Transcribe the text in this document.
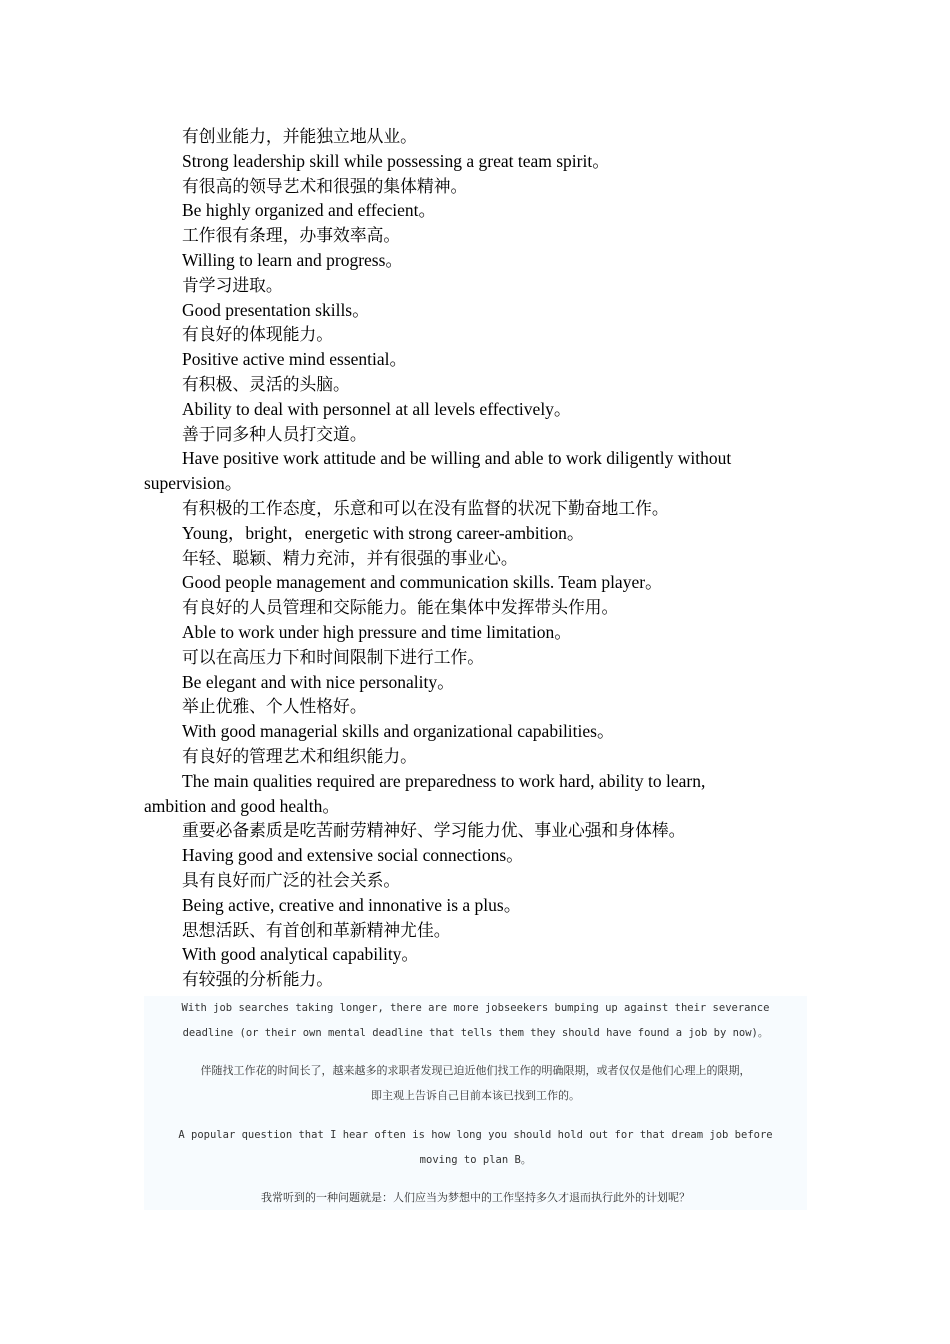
有创业能力，并能独立地从业。
Strong leadership skill while possessing a great team spirit。
有很高的领导艺术和很强的集体精神。
Be highly organized and effecient。
工作很有条理，办事效率高。
Willing to learn and progress。
肯学习进取。
Good presentation skills。
有良好的体现能力。
Positive active mind essential。
有积极、灵活的头脑。
Ability to deal with personnel at all levels effectively。
善于同多种人员打交道。
Have positive work attitude and be willing and able to work diligently without
supervision。
有积极的工作态度，乐意和可以在没有监督的状况下勤奋地工作。
Young，bright，energetic with strong career-ambition。
年轻、聪颖、精力充沛，并有很强的事业心。
Good people management and communication skills. Team player。
有良好的人员管理和交际能力。能在集体中发挥带头作用。
Able to work under high pressure and time limitation。
可以在高压力下和时间限制下进行工作。
Be elegant and with nice personality。
举止优雅、个人性格好。
With good managerial skills and organizational capabilities。
有良好的管理艺术和组织能力。
The main qualities required are preparedness to work hard, ability to learn,
ambition and good health。
重要必备素质是吃苦耐劳精神好、学习能力优、事业心强和身体棒。
Having good and extensive social connections。
具有良好而广泛的社会关系。
Being active, creative and innonative is a plus。
思想活跃、有首创和革新精神尤佳。
With good analytical capability。
有较强的分析能力。
With job searches taking longer, there are more jobseekers bumping up against their severance
deadline (or their own mental deadline that tells them they should have found a job by now)。
伴随找工作花的时间长了，越来越多的求职者发现已迫近他们找工作的明确限期，或者仅仅是他们心理上的限期，
即主观上告诉自己目前本该已找到工作的。
A popular question that I hear often is how long you should hold out for that dream job before
moving to plan B。
我常听到的一种问题就是：人们应当为梦想中的工作坚持多久才退而执行此外的计划呢？
